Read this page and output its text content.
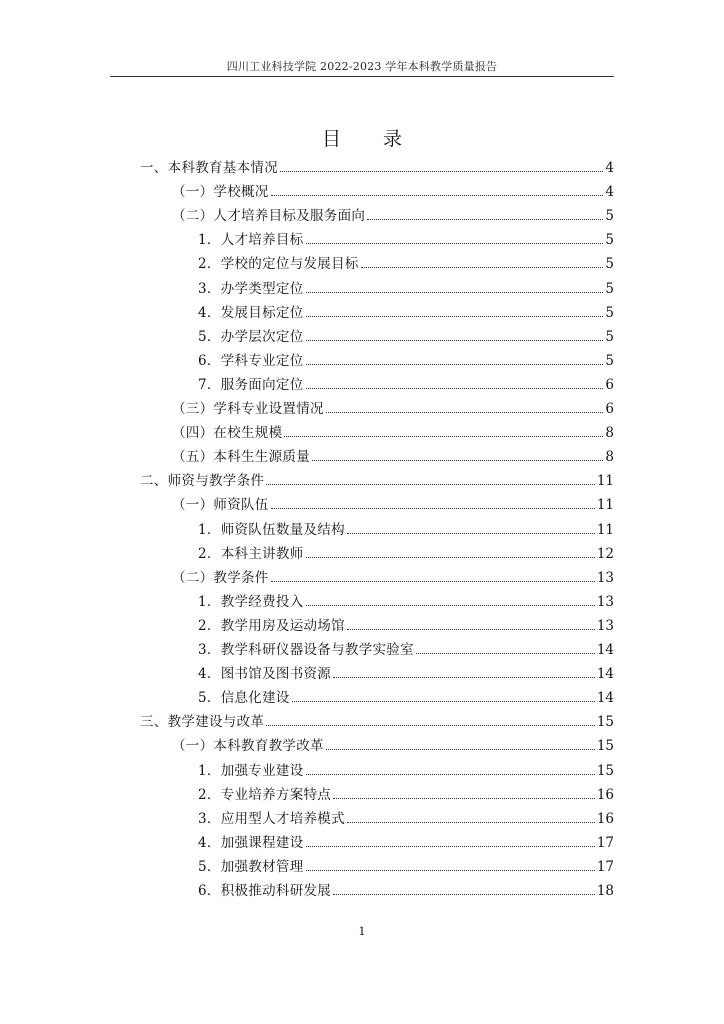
四川工业科技学院 2022-2023 学年本科教学质量报告
目 录
一、本科教育基本情况	4
（一）学校概况	4
（二）人才培养目标及服务面向	5
1．人才培养目标	5
2．学校的定位与发展目标	5
3．办学类型定位	5
4．发展目标定位	5
5．办学层次定位	5
6．学科专业定位	5
7．服务面向定位	6
（三）学科专业设置情况	6
（四）在校生规模	8
（五）本科生生源质量	8
二、师资与教学条件	11
（一）师资队伍	11
1．师资队伍数量及结构	11
2．本科主讲教师	12
（二）教学条件	13
1．教学经费投入	13
2．教学用房及运动场馆	13
3．教学科研仪器设备与教学实验室	14
4．图书馆及图书资源	14
5．信息化建设	14
三、教学建设与改革	15
（一）本科教育教学改革	15
1．加强专业建设	15
2．专业培养方案特点	16
3．应用型人才培养模式	16
4．加强课程建设	17
5．加强教材管理	17
6．积极推动科研发展	18
1
